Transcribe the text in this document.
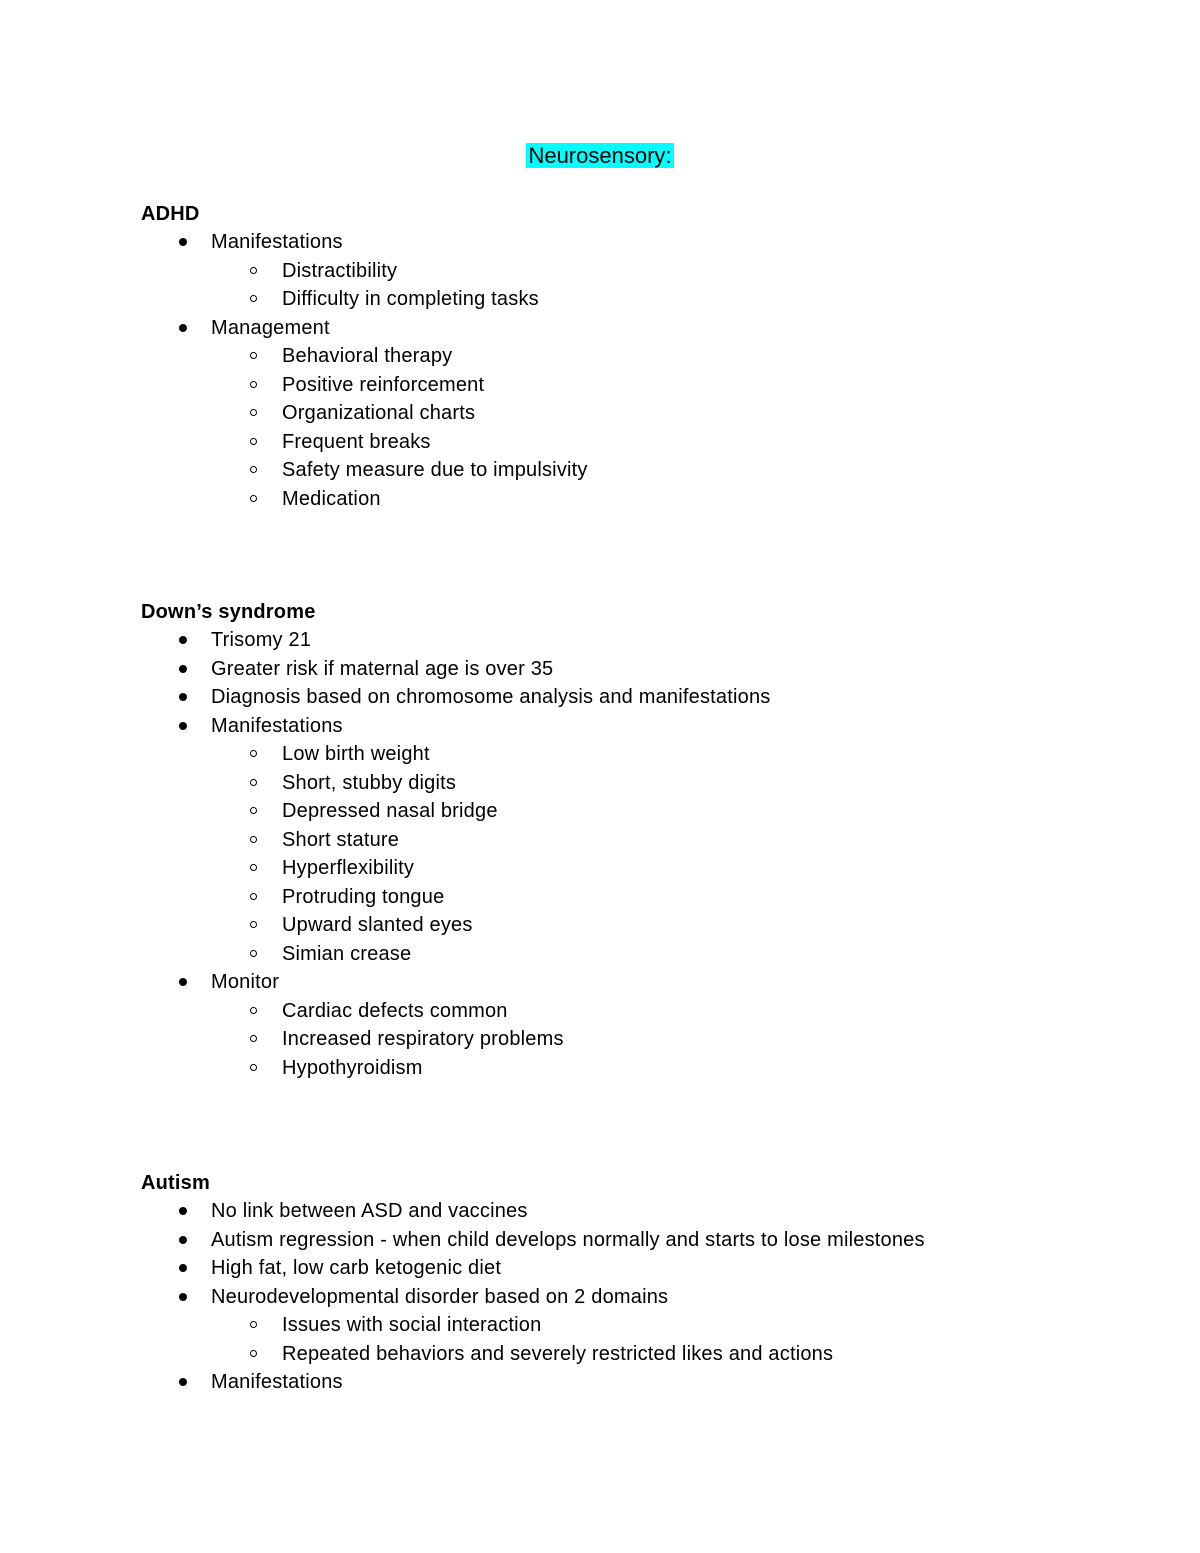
Neurosensory:
ADHD
Manifestations
Distractibility
Difficulty in completing tasks
Management
Behavioral therapy
Positive reinforcement
Organizational charts
Frequent breaks
Safety measure due to impulsivity
Medication
Down’s syndrome
Trisomy 21
Greater risk if maternal age is over 35
Diagnosis based on chromosome analysis and manifestations
Manifestations
Low birth weight
Short, stubby digits
Depressed nasal bridge
Short stature
Hyperflexibility
Protruding tongue
Upward slanted eyes
Simian crease
Monitor
Cardiac defects common
Increased respiratory problems
Hypothyroidism
Autism
No link between ASD and vaccines
Autism regression - when child develops normally and starts to lose milestones
High fat, low carb ketogenic diet
Neurodevelopmental disorder based on 2 domains
Issues with social interaction
Repeated behaviors and severely restricted likes and actions
Manifestations
